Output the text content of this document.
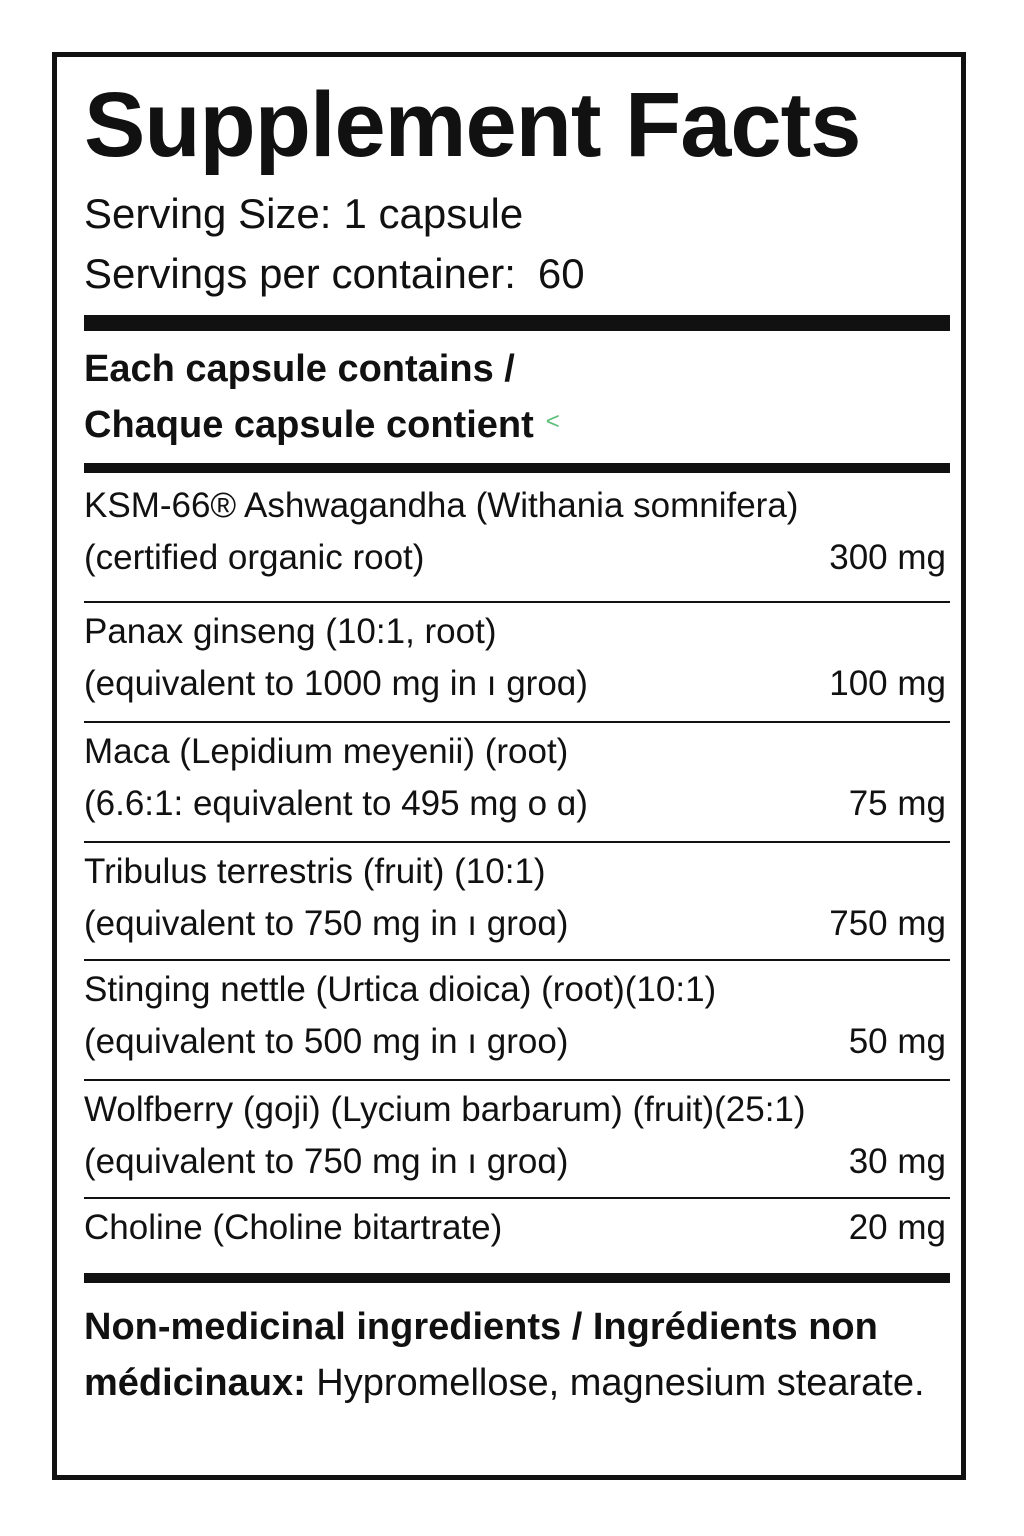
Supplement Facts
Serving Size: 1 capsule
Servings per container: 60
Each capsule contains /
Chaque capsule contient <
KSM-66® Ashwagandha (Withania somnifera)
(certified organic root)	300 mg
Panax ginseng (10:1, root)
(equivalent to 1000 mg in ı groɑ)	100 mg
Maca (Lepidium meyenii) (root)
(6.6:1: equivalent to 495 mg o ɑ)	75 mg
Tribulus terrestris (fruit) (10:1)
(equivalent to 750 mg in ı groɑ)	750 mg
Stinging nettle (Urtica dioica) (root)(10:1)
(equivalent to 500 mg in ı groo)	50 mg
Wolfberry (goji) (Lycium barbarum) (fruit)(25:1)
(equivalent to 750 mg in ı groɑ)	30 mg
Choline (Choline bitartrate)	20 mg
Non-medicinal ingredients / Ingrédients non médicinaux: Hypromellose, magnesium stearate.
